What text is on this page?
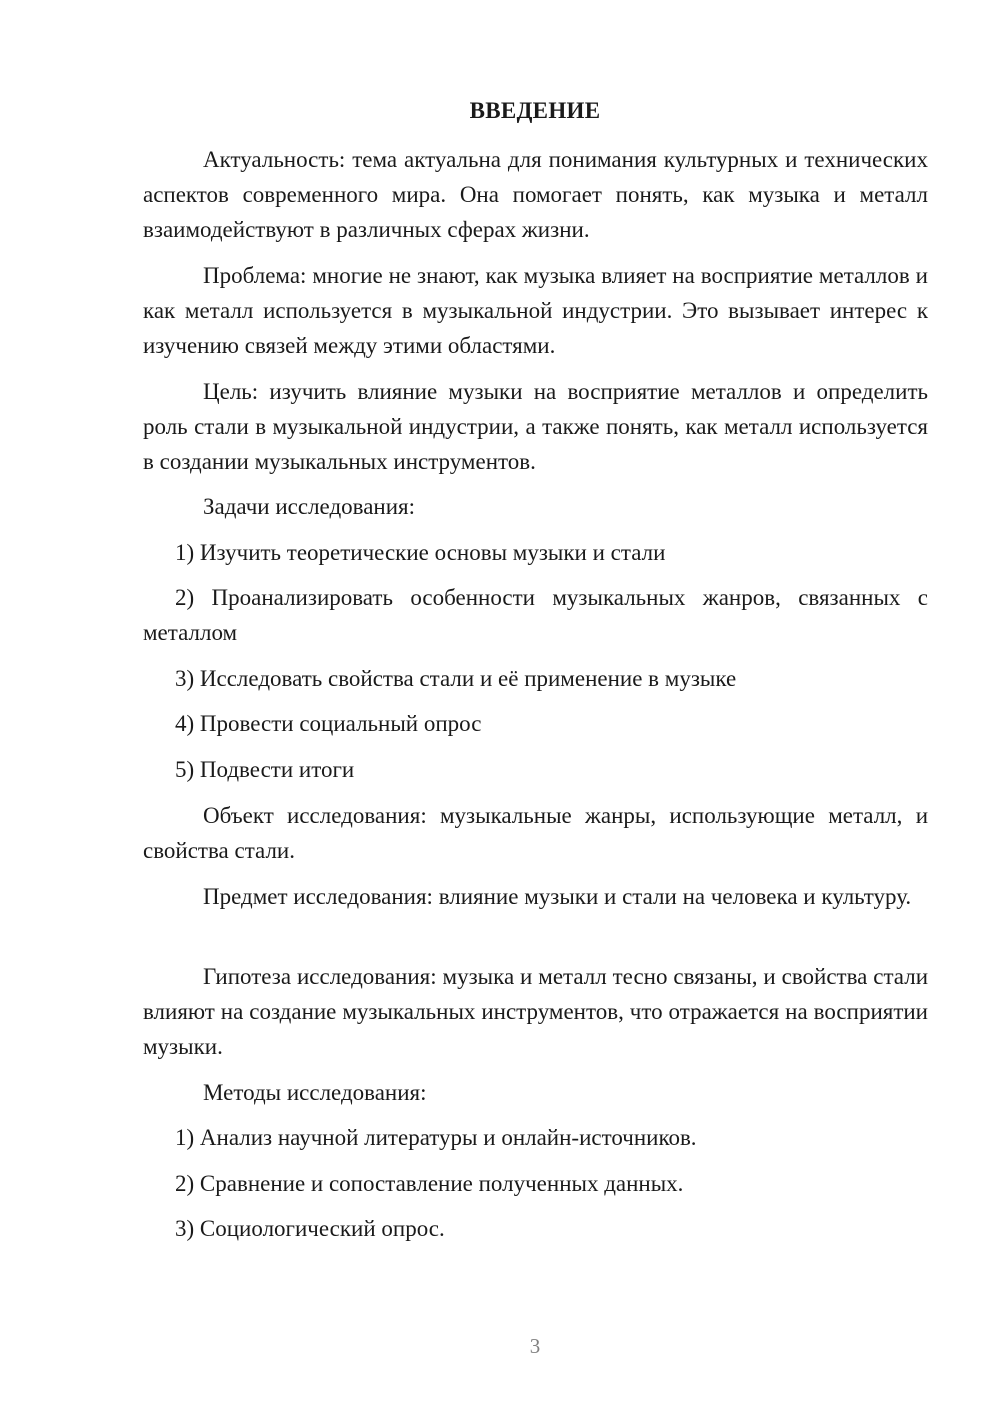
ВВЕДЕНИЕ

Актуальность: тема актуальна для понимания культурных и технических аспектов современного мира. Она помогает понять, как музыка и металл взаимодействуют в различных сферах жизни.

Проблема: многие не знают, как музыка влияет на восприятие металлов и как металл используется в музыкальной индустрии. Это вызывает интерес к изучению связей между этими областями.

Цель: изучить влияние музыки на восприятие металлов и определить роль стали в музыкальной индустрии, а также понять, как металл используется в создании музыкальных инструментов.

Задачи исследования:

1) Изучить теоретические основы музыки и стали

2) Проанализировать особенности музыкальных жанров, связанных с металлом

3) Исследовать свойства стали и её применение в музыке

4) Провести социальный опрос

5) Подвести итоги

Объект исследования: музыкальные жанры, использующие металл, и свойства стали.

Предмет исследования: влияние музыки и стали на человека и культуру.

Гипотеза исследования: музыка и металл тесно связаны, и свойства стали влияют на создание музыкальных инструментов, что отражается на восприятии музыки.

Методы исследования:

1) Анализ научной литературы и онлайн-источников.

2) Сравнение и сопоставление полученных данных.

3) Социологический опрос.

3
